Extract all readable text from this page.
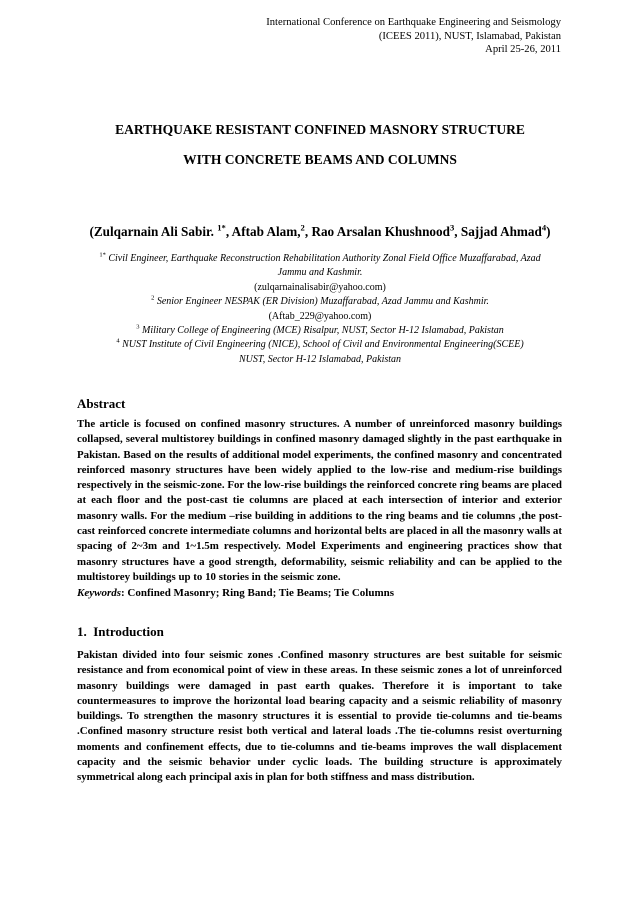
International Conference on Earthquake Engineering and Seismology
(ICEES 2011), NUST, Islamabad, Pakistan
April 25-26, 2011
EARTHQUAKE RESISTANT CONFINED MASNORY STRUCTURE
WITH CONCRETE BEAMS AND COLUMNS
(Zulqarnain Ali Sabir. $^{1*}$, Aftab Alam,$^2$, Rao Arsalan Khushnood$^3$, Sajjad Ahmad$^4$)
$^{1*}$ Civil Engineer, Earthquake Reconstruction Rehabilitation Authority Zonal Field Office Muzaffarabad, Azad
Jammu and Kashmir.
(zulqarnainalisabir@yahoo.com)
$^2$ Senior Engineer NESPAK (ER Division) Muzaffarabad, Azad Jammu and Kashmir.
(Aftab_229@yahoo.com)
$^3$ Military College of Engineering (MCE) Risalpur, NUST, Sector H-12 Islamabad, Pakistan
$^4$ NUST Institute of Civil Engineering (NICE), School of Civil and Environmental Engineering(SCEE)
NUST, Sector H-12 Islamabad, Pakistan
Abstract
The article is focused on confined masonry structures. A number of unreinforced masonry buildings collapsed, several multistorey buildings in confined masonry damaged slightly in the past earthquake in Pakistan. Based on the results of additional model experiments, the confined masonry and concentrated reinforced masonry structures have been widely applied to the low-rise and medium-rise buildings respectively in the seismic-zone. For the low-rise buildings the reinforced concrete ring beams are placed at each floor and the post-cast tie columns are placed at each intersection of interior and exterior masonry walls. For the medium –rise building in additions to the ring beams and tie columns ,the post-cast reinforced concrete intermediate columns and horizontal belts are placed in all the masonry walls at spacing of 2~3m and 1~1.5m respectively. Model Experiments and engineering practices show that masonry structures have a good strength, deformability, seismic reliability and can be applied to the multistorey buildings up to 10 stories in the seismic zone.
Keywords: Confined Masonry; Ring Band; Tie Beams; Tie Columns
1. Introduction
Pakistan divided into four seismic zones .Confined masonry structures are best suitable for seismic resistance and from economical point of view in these areas. In these seismic zones a lot of unreinforced masonry buildings were damaged in past earth quakes. Therefore it is important to take countermeasures to improve the horizontal load bearing capacity and a seismic reliability of masonry buildings. To strengthen the masonry structures it is essential to provide tie-columns and tie-beams .Confined masonry structure resist both vertical and lateral loads .The tie-columns resist overturning moments and confinement effects, due to tie-columns and tie-beams improves the wall displacement capacity and the seismic behavior under cyclic loads. The building structure is approximately symmetrical along each principal axis in plan for both stiffness and mass distribution.
